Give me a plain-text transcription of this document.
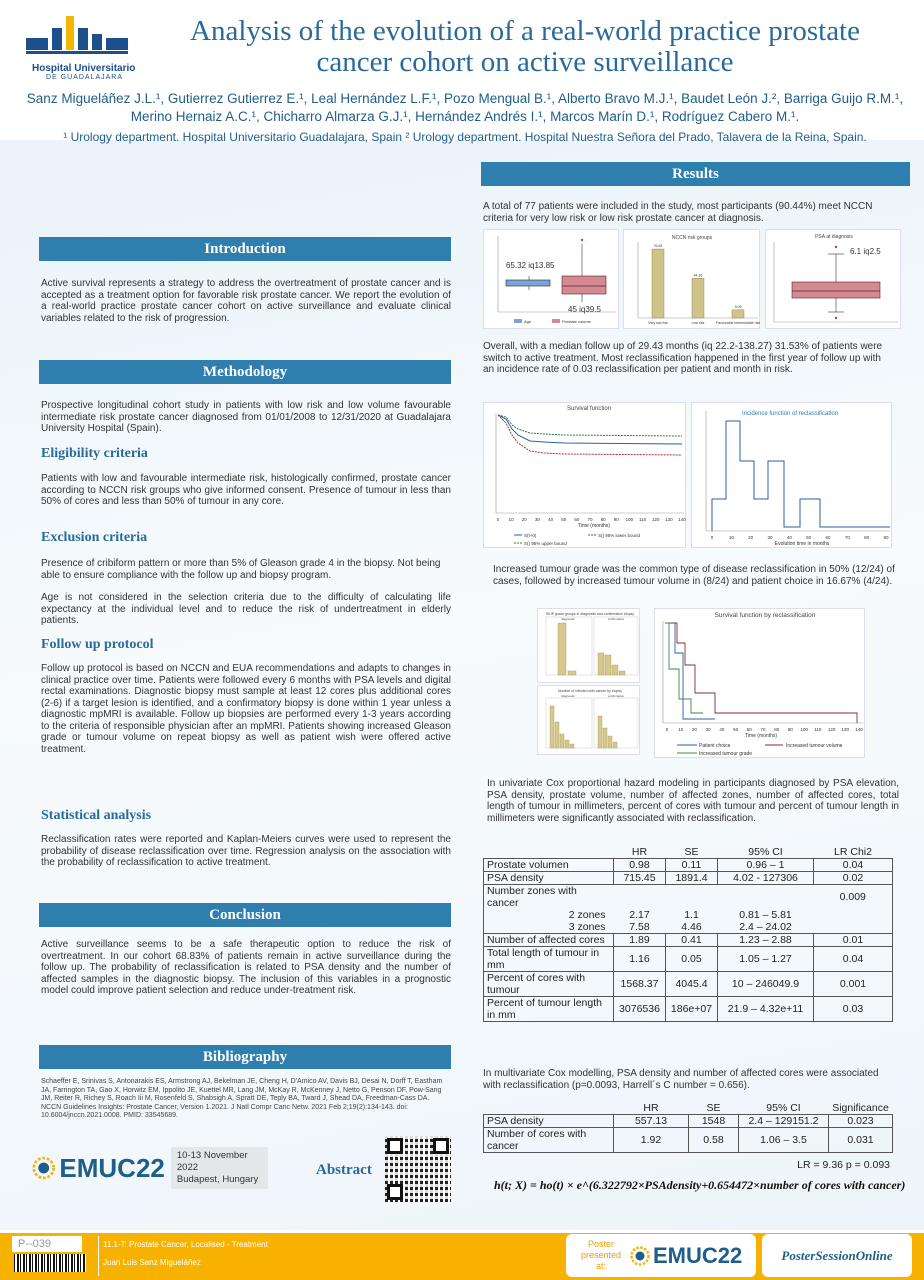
Hospital Universitario
DE GUADALAJARA
Analysis of the evolution of a real-world practice prostate cancer cohort on active surveillance
Sanz Migueláñez J.L.¹, Gutierrez Gutierrez E.¹, Leal Hernández L.F.¹, Pozo Mengual B.¹, Alberto Bravo M.J.¹, Baudet León J.², Barriga Guijo R.M.¹, Merino Hernaiz A.C.¹, Chicharro Almarza G.J.¹, Hernández Andrés I.¹, Marcos Marín D.¹, Rodríguez Cabero M.¹.
¹ Urology department. Hospital Universitario Guadalajara, Spain ² Urology department. Hospital Nuestra Señora del Prado, Talavera de la Reina, Spain.
Introduction
Active survival represents a strategy to address the overtreatment of prostate cancer and is accepted as a treatment option for favorable risk prostate cancer. We report the evolution of a real-world practice prostate cancer cohort on active surveillance and evaluate clinical variables related to the risk of progression.
Methodology
Prospective longitudinal cohort study in patients with low risk and low volume favourable intermediate risk prostate cancer diagnosed from 01/01/2008 to 12/31/2020 at Guadalajara University Hospital (Spain).
Eligibility criteria
Patients with low and favourable intermediate risk, histologically confirmed, prostate cancer according to NCCN risk groups who give informed consent. Presence of tumour in less than 50% of cores and less than 50% of tumour in any core.
Exclusion criteria
Presence of cribiform pattern or more than 5% of Gleason grade 4 in the biopsy. Not being able to ensure compliance with the follow up and biopsy program.
Age is not considered in the selection criteria due to the difficulty of calculating life expectancy at the individual level and to reduce the risk of undertreatment in elderly patients.
Follow up protocol
Follow up protocol is based on NCCN and EUA recommendations and adapts to changes in clinical practice over time. Patients were followed every 6 months with PSA levels and digital rectal examinations. Diagnostic biopsy must sample at least 12 cores plus additional cores (2-6) if a target lesion is identified, and a confirmatory biopsy is done within 1 year unless a diagnostic mpMRI is available. Follow up biopsies are performed every 1-3 years according to the criteria of responsible physician after an mpMRI. Patients showing increased Gleason grade or tumour volume on repeat biopsy as well as patient wish were offered active treatment.
Statistical analysis
Reclassification rates were reported and Kaplan-Meiers curves were used to represent the probability of disease reclassification over time. Regression analysis on the association with the probability of reclassification to active treatment.
Conclusion
Active surveillance seems to be a safe therapeutic option to reduce the risk of overtreatment. In our cohort 68.83% of patients remain in active surveillance during the follow up. The probability of reclassification is related to PSA density and the number of affected samples in the diagnostic biopsy. The inclusion of this variables in a prognostic model could improve patient selection and reduce under-treatment risk.
Bibliography
Schaeffer E, Srinivas S, Antonarakis ES, Armstrong AJ, Bekelman JE, Cheng H, D'Amico AV, Davis BJ, Desai N, Dorff T, Eastham JA, Farrington TA, Gao X, Horwitz EM, Ippolito JE, Kuettel MR, Lang JM, McKay R, McKenney J, Netto G, Penson DF, Pow-Sang JM, Reiter R, Richey S, Roach Iii M, Rosenfeld S, Shabsigh A, Spratt DE, Teply BA, Tward J, Shead DA, Freedman-Cass DA. NCCN Guidelines Insights: Prostate Cancer, Version 1.2021. J Natl Compr Canc Netw. 2021 Feb 2;19(2):134-143. doi: 10.6004/jnccn.2021.0008. PMID: 33545689.
EMUC22 10-13 November 2022
Budapest, Hungary
Abstract
Results
A total of 77 patients were included in the study, most participants (90.44%) meet NCCN criteria for very low risk or low risk prostate cancer at diagnosis.
65.32 iq13.85
45 iq39.5
Age	Prostate volume
NCCN risk groups
76.62
Very low risk
44.16
Low risk
9.09
Favourable intermediate risk
PSA at diagnosis
6.1 iq2.5
Overall, with a median follow up of 29.43 months (iq 22.2-138.27) 31.53% of patients were switch to active treatment. Most reclassification happened in the first year of follow up with an incidence rate of 0.03 reclassification per patient and month in risk.
Survival function
0 10 20 30 40 50 60 70 80 90 100 110 120 130 140
Time (months)
S(t+0)	S() 95% lower bound
S() 95% upper bound
Incidence function of reclassification
0	10	20	30	40	50	60	70	80	90
Evolution time in months
Increased tumour grade was the common type of disease reclassification in 50% (12/24) of cases, followed by increased tumour volume in (8/24) and patient choice in 16.67% (4/24).
ISUP grade groups in diagnostic and confirmation biopsy
diagnostic	confirmation
Number of infected with cancer by biopsy
diagnostic	confirmation
Survival function by reclassification
0 10 20 30 40 50 60 70 80 90 100 110 120 130 140
Time (months)
Patient choice	Increased tumour volume
Increased tumour grade
In univariate Cox proportional hazard modeling in participants diagnosed by PSA elevation, PSA density, prostate volume, number of affected zones, number of affected cores, total length of tumour in millimeters, percent of cores with tumour and percent of tumour length in millimeters were significantly associated with reclassification.
	HR	SE	95% CI	LR Chi2
Prostate volumen	0.98	0.11	0.96 – 1	0.04
PSA density	715.45	1891.4	4.02 - 127306	0.02
Number zones with cancer				0.009
2 zones	2.17	1.1	0.81 – 5.81	
3 zones	7.58	4.46	2.4 – 24.02	
Number of affected cores	1.89	0.41	1.23 – 2.88	0.01
Total length of tumour in mm	1.16	0.05	1.05 – 1.27	0.04
Percent of cores with tumour	1568.37	4045.4	10 – 246049.9	0.001
Percent of tumour length in mm	3076536	186e+07	21.9 – 4.32e+11	0.03
In multivariate Cox modelling, PSA density and number of affected cores were associated with reclassification (p=0.0093, Harrell´s C number = 0.656).
	HR	SE	95% CI	Significance
PSA density	557.13	1548	2.4 – 129151.2	0.023
Number of cores with cancer	1.92	0.58	1.06 – 3.5	0.031
LR = 9.36 p = 0.093
h(t; X) = ho(t) × e^(6.322792×PSAdensity+0.654472×number of cores with cancer)
P--039	11.1-T: Prostate Cancer, Localised - Treatment
Juan Luis Sanz Migueláñez
Poster presented at:	EMUC22	PosterSessionOnline
